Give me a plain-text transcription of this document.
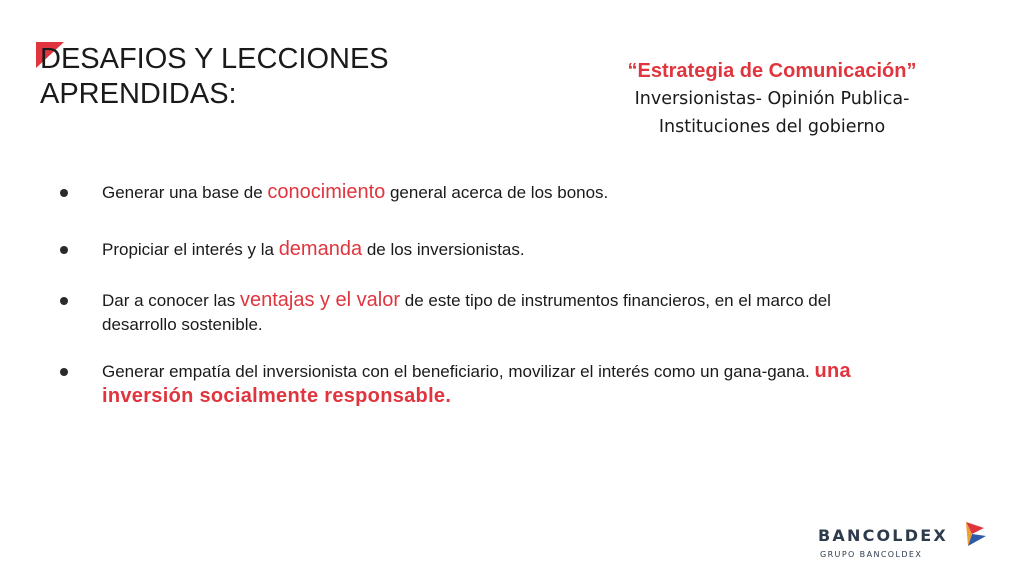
DESAFIOS Y LECCIONES
APRENDIDAS:
“Estrategia de Comunicación”
Inversionistas- Opinión Publica-
Instituciones del gobierno
Generar una base de conocimiento general acerca de los bonos.
Propiciar el interés y la demanda de los inversionistas.
Dar a conocer las ventajas y el valor de este tipo de instrumentos financieros, en el marco del desarrollo sostenible.
Generar empatía del inversionista con el beneficiario, movilizar el interés como un gana-gana. una inversión socialmente responsable.
BANCOLDEX
GRUPO BANCOLDEX
